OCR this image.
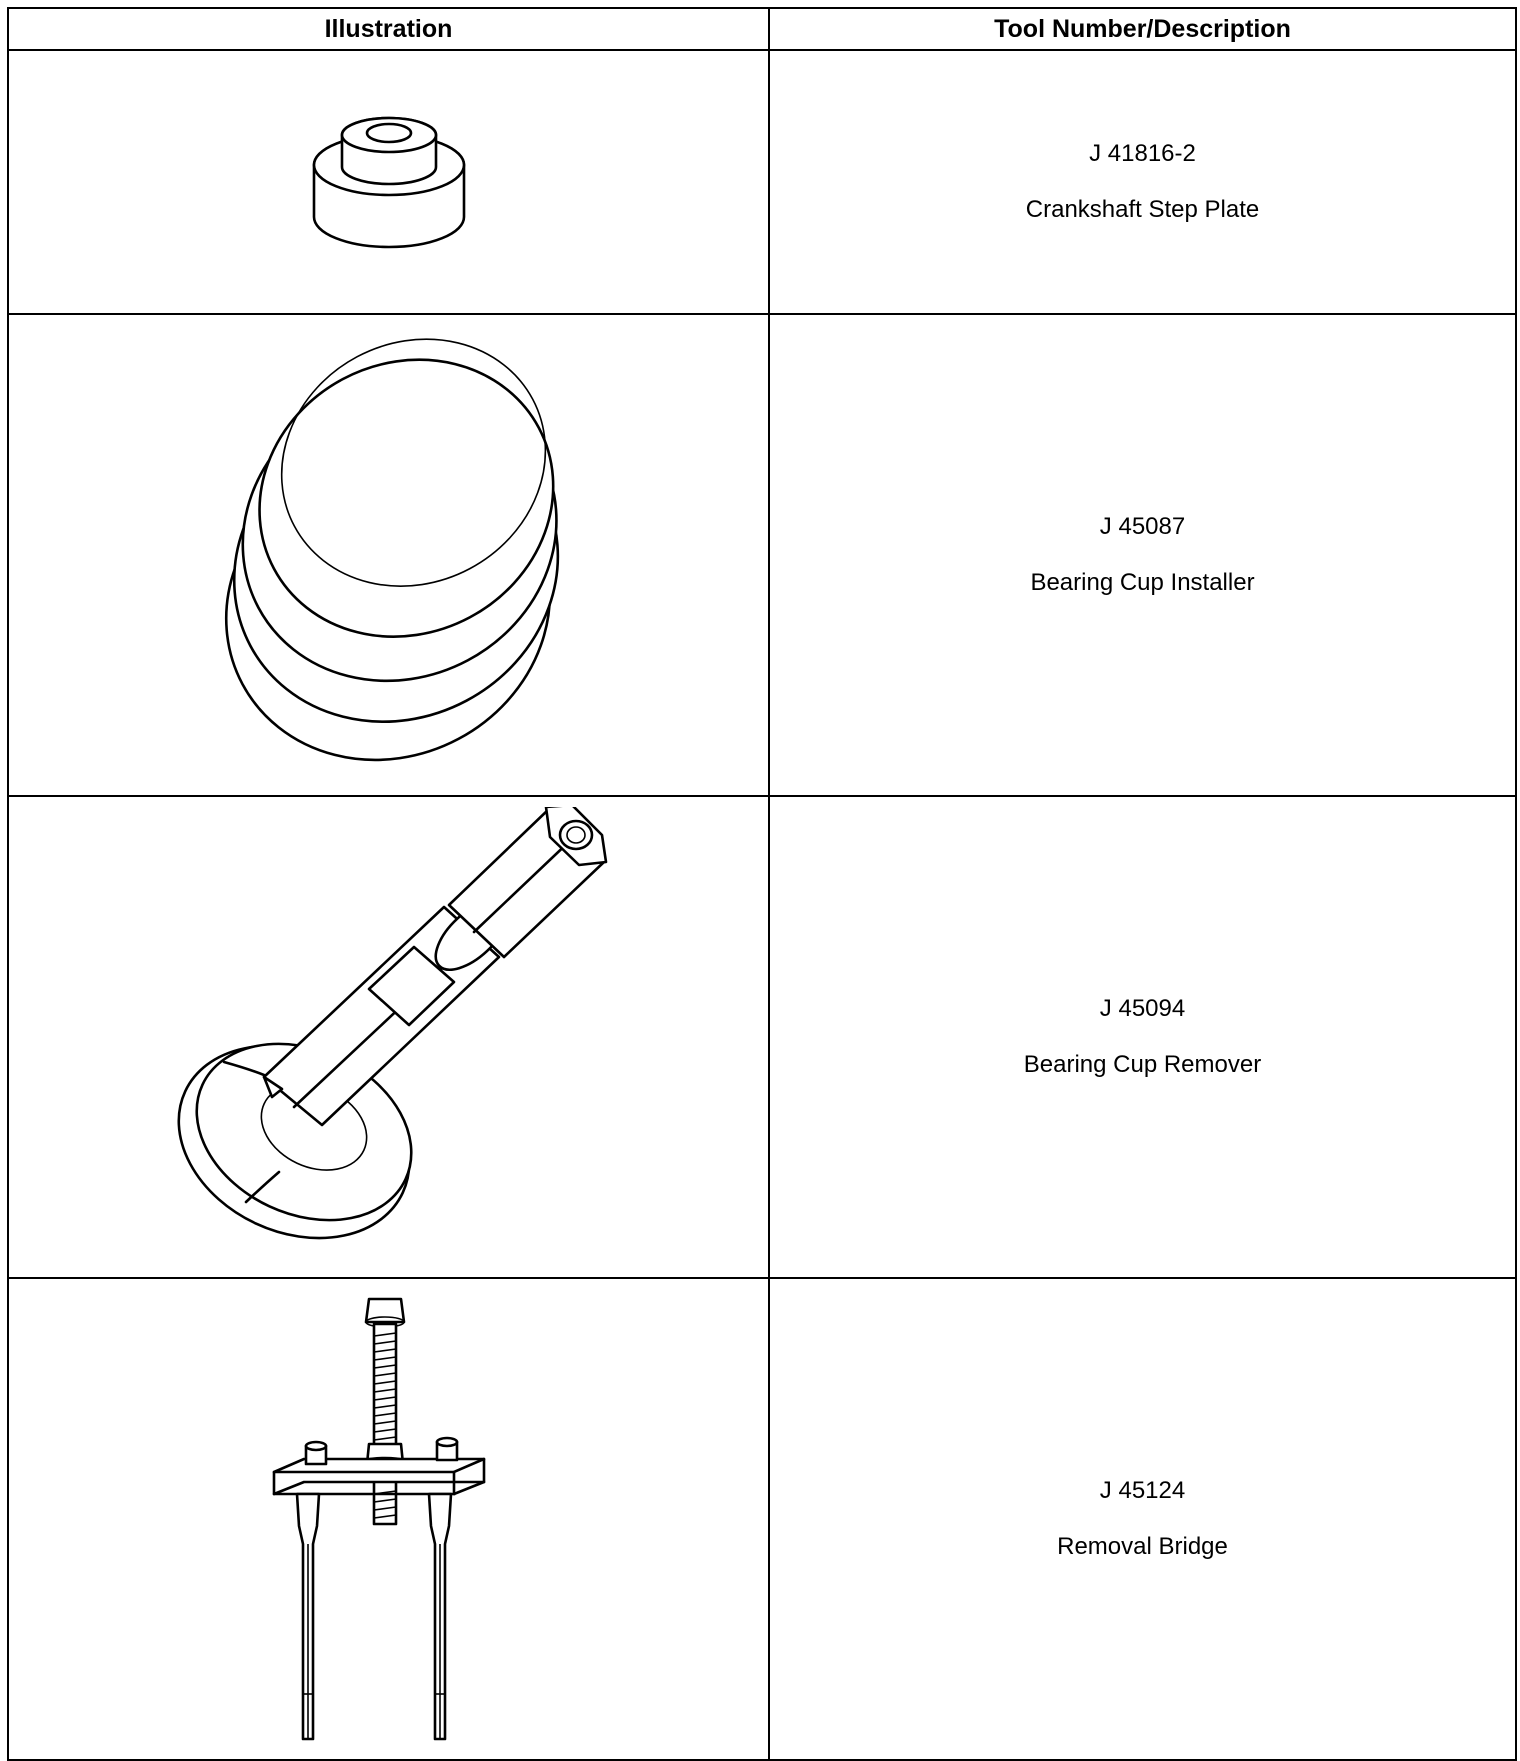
Illustration	Tool Number/Description

J 41816-2
Crankshaft Step Plate

J 45087
Bearing Cup Installer

J 45094
Bearing Cup Remover

J 45124
Removal Bridge
